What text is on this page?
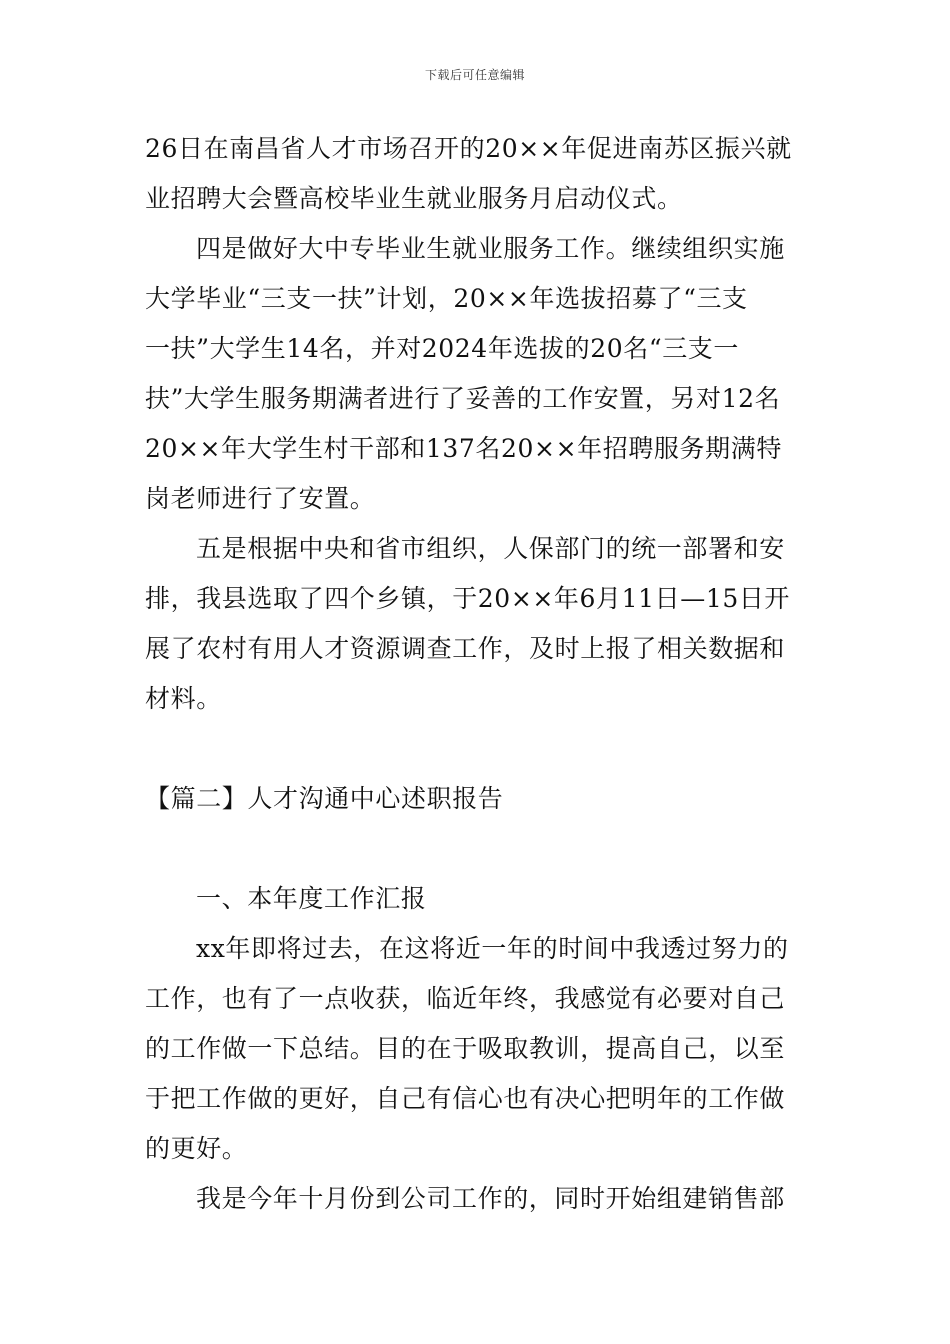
下载后可任意编辑
26日在南昌省人才市场召开的20××年促进南苏区振兴就
业招聘大会暨高校毕业生就业服务月启动仪式。
四是做好大中专毕业生就业服务工作。继续组织实施
大学毕业“三支一扶”计划，20××年选拔招募了“三支
一扶”大学生14名，并对2024年选拔的20名“三支一
扶”大学生服务期满者进行了妥善的工作安置，另对12名
20××年大学生村干部和137名20××年招聘服务期满特
岗老师进行了安置。
五是根据中央和省市组织，人保部门的统一部署和安
排，我县选取了四个乡镇，于20××年6月11日—15日开
展了农村有用人才资源调查工作，及时上报了相关数据和
材料。
【篇二】人才沟通中心述职报告
一、本年度工作汇报
xx年即将过去，在这将近一年的时间中我透过努力的
工作，也有了一点收获，临近年终，我感觉有必要对自己
的工作做一下总结。目的在于吸取教训，提高自己，以至
于把工作做的更好，自己有信心也有决心把明年的工作做
的更好。
我是今年十月份到公司工作的，同时开始组建销售部
